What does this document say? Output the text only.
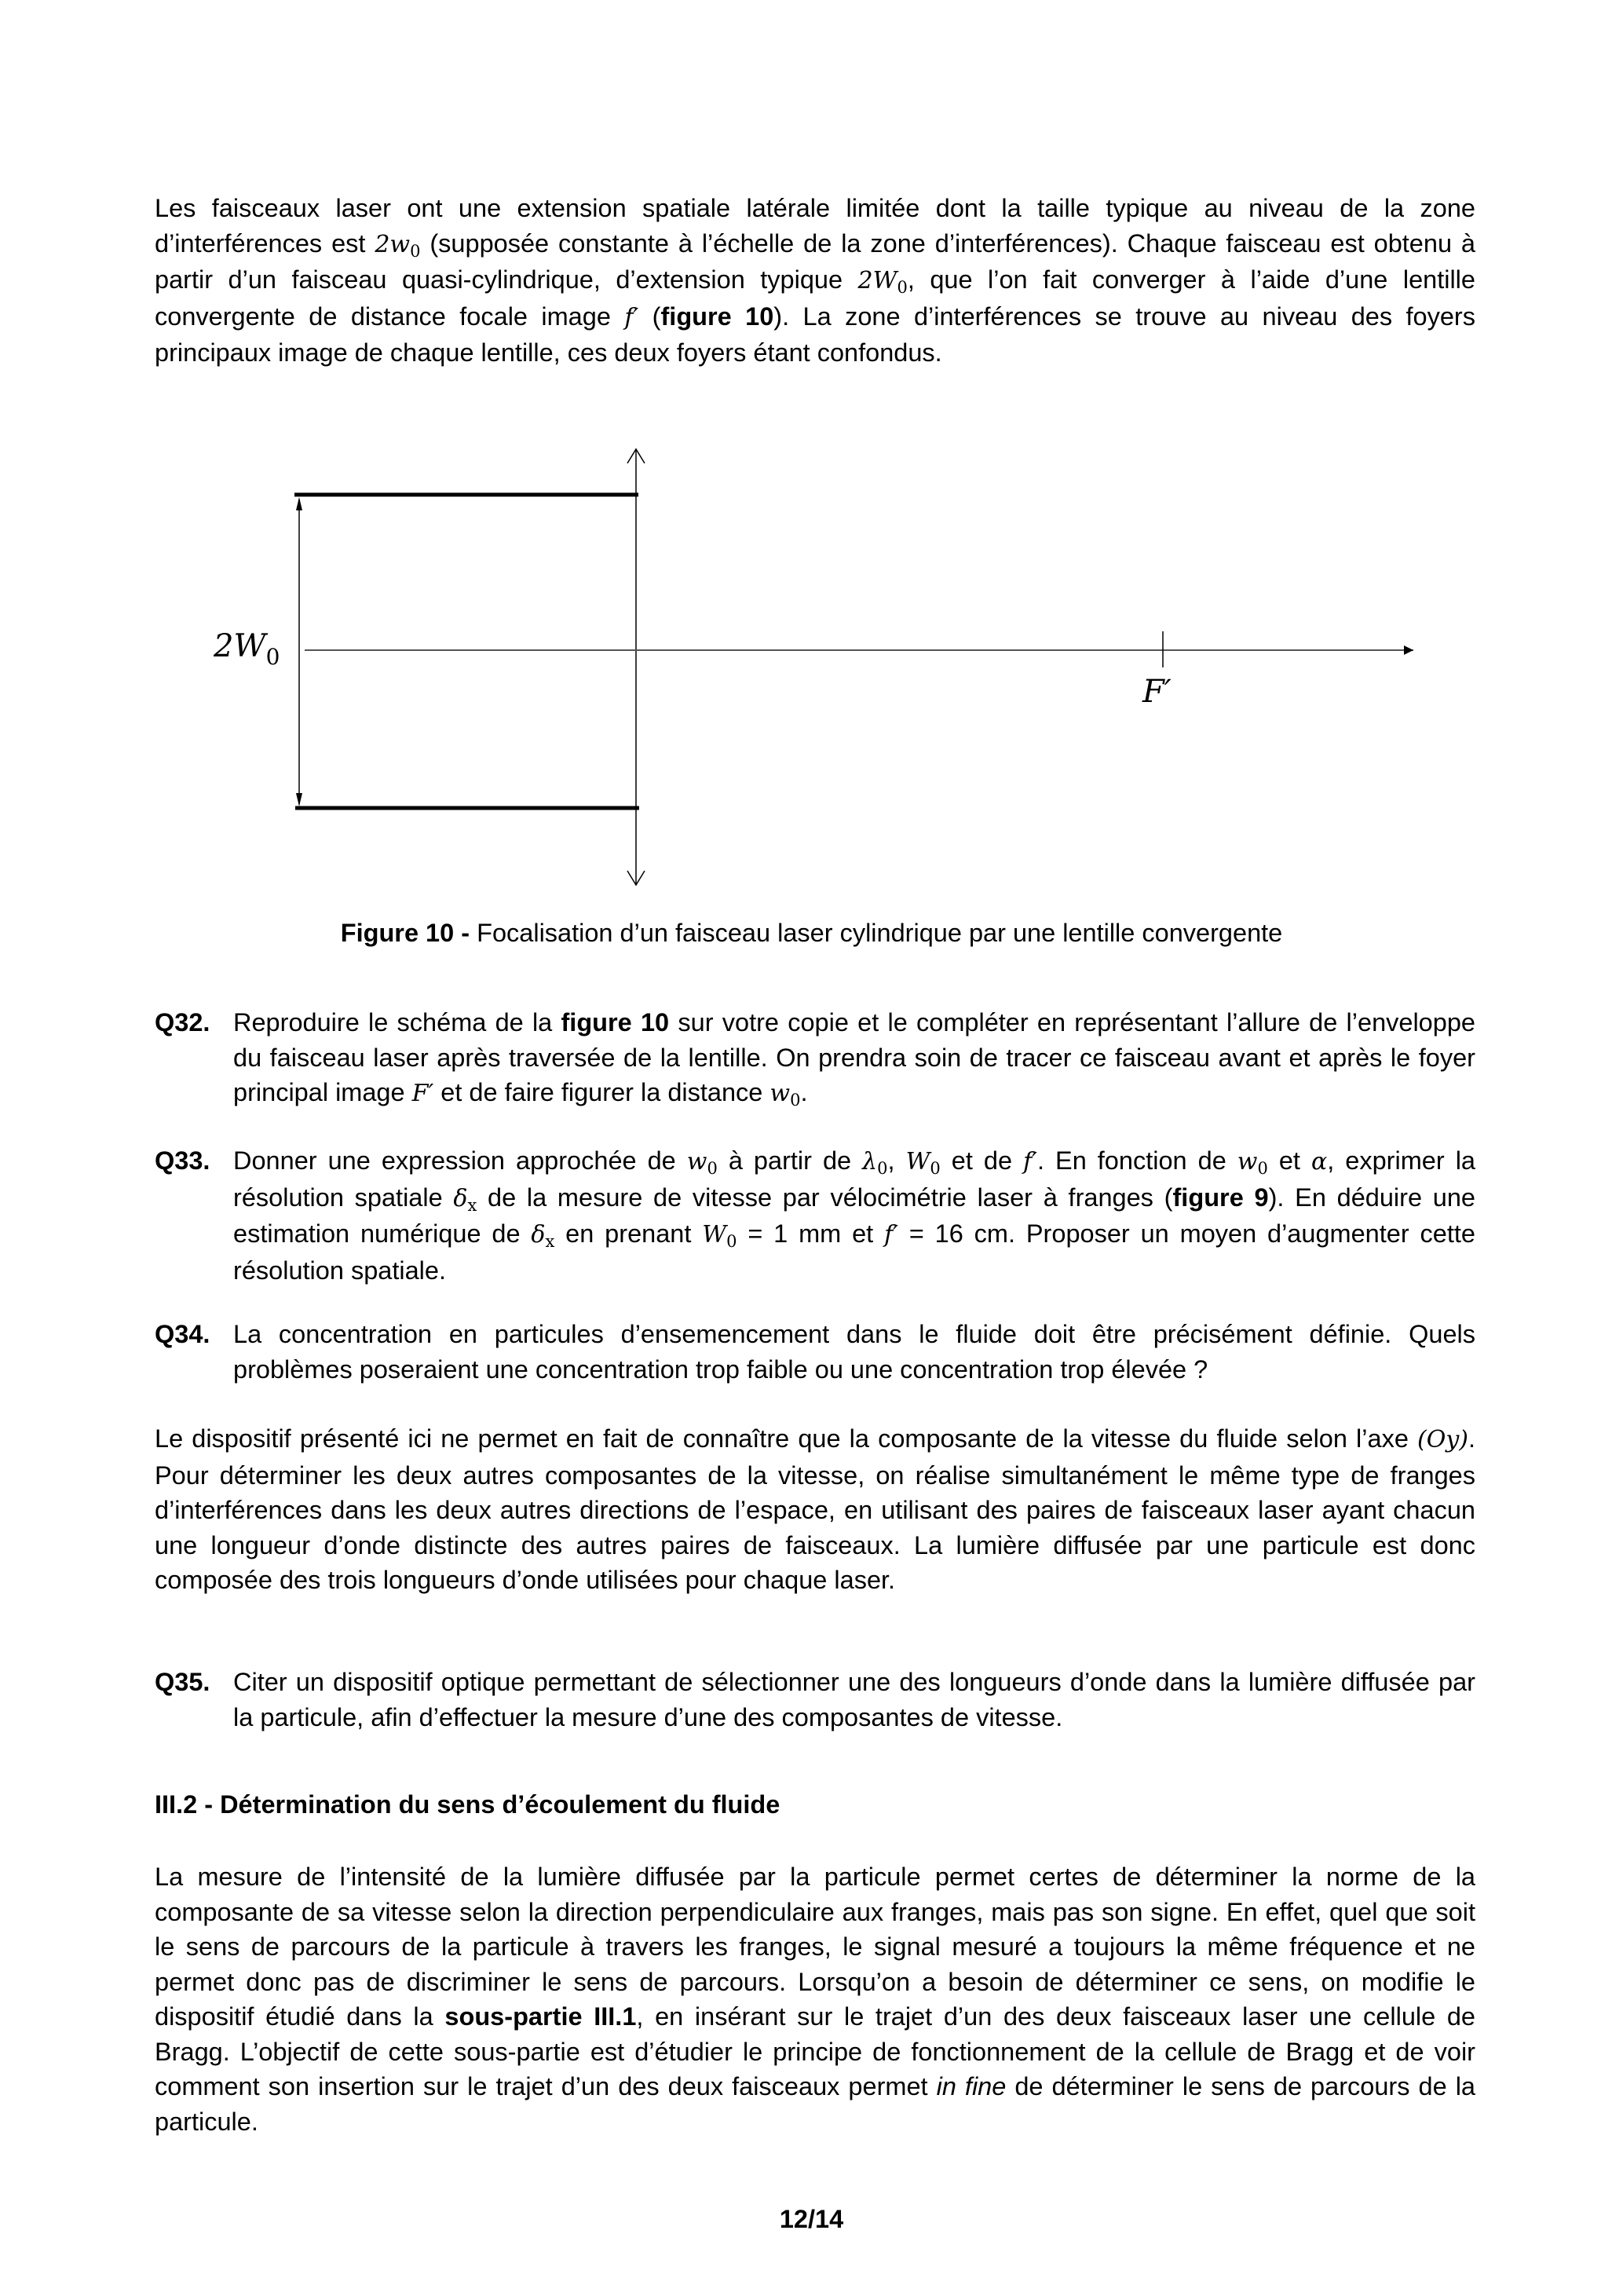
Les faisceaux laser ont une extension spatiale latérale limitée dont la taille typique au niveau de la zone d’interférences est $2w_0$ (supposée constante à l’échelle de la zone d’interférences). Chaque faisceau est obtenu à partir d’un faisceau quasi-cylindrique, d’extension typique $2W_0$, que l’on fait converger à l’aide d’une lentille convergente de distance focale image f′ (figure 10). La zone d’interférences se trouve au niveau des foyers principaux image de chaque lentille, ces deux foyers étant confondus.

$2W_0$
F′
Figure 10 - Focalisation d’un faisceau laser cylindrique par une lentille convergente
Q32. Reproduire le schéma de la figure 10 sur votre copie et le compléter en représentant l’allure de l’enveloppe du faisceau laser après traversée de la lentille. On prendra soin de tracer ce faisceau avant et après le foyer principal image F′ et de faire figurer la distance $w_0$.
Q33. Donner une expression approchée de $w_0$ à partir de $\lambda_0$, $W_0$ et de f′. En fonction de $w_0$ et α, exprimer la résolution spatiale $\delta_x$ de la mesure de vitesse par vélocimétrie laser à franges (figure 9). En déduire une estimation numérique de $\delta_x$ en prenant $W_0 = 1$ mm et f′ = 16 cm. Proposer un moyen d’augmenter cette résolution spatiale.
Q34. La concentration en particules d’ensemencement dans le fluide doit être précisément définie. Quels problèmes poseraient une concentration trop faible ou une concentration trop élevée ?

Le dispositif présenté ici ne permet en fait de connaître que la composante de la vitesse du fluide selon l’axe (Oy). Pour déterminer les deux autres composantes de la vitesse, on réalise simultanément le même type de franges d’interférences dans les deux autres directions de l’espace, en utilisant des paires de faisceaux laser ayant chacun une longueur d’onde distincte des autres paires de faisceaux. La lumière diffusée par une particule est donc composée des trois longueurs d’onde utilisées pour chaque laser.

Q35. Citer un dispositif optique permettant de sélectionner une des longueurs d’onde dans la lumière diffusée par la particule, afin d’effectuer la mesure d’une des composantes de vitesse.
III.2 - Détermination du sens d’écoulement du fluide

La mesure de l’intensité de la lumière diffusée par la particule permet certes de déterminer la norme de la composante de sa vitesse selon la direction perpendiculaire aux franges, mais pas son signe. En effet, quel que soit le sens de parcours de la particule à travers les franges, le signal mesuré a toujours la même fréquence et ne permet donc pas de discriminer le sens de parcours. Lorsqu’on a besoin de déterminer ce sens, on modifie le dispositif étudié dans la sous-partie III.1, en insérant sur le trajet d’un des deux faisceaux laser une cellule de Bragg. L’objectif de cette sous-partie est d’étudier le principe de fonctionnement de la cellule de Bragg et de voir comment son insertion sur le trajet d’un des deux faisceaux permet in fine de déterminer le sens de parcours de la particule.

12/14
